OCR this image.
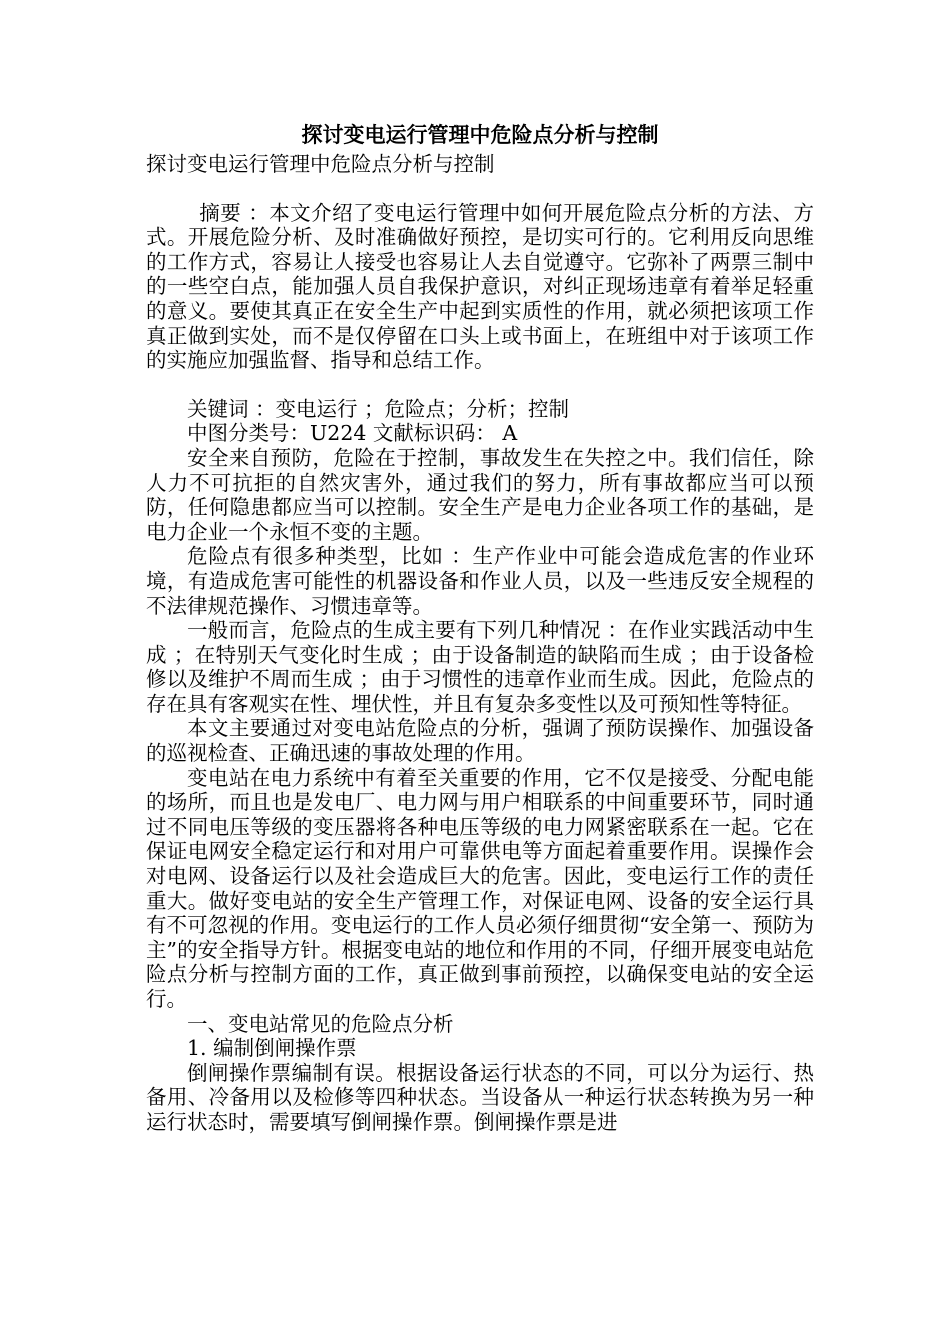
探讨变电运行管理中危险点分析与控制

探讨变电运行管理中危险点分析与控制

摘要 ：本文介绍了变电运行管理中如何开展危险点分析的方法、方式。开展危险分析、及时准确做好预控，是切实可行的。它利用反向思维的工作方式，容易让人接受也容易让人去自觉遵守。它弥补了两票三制中的一些空白点，能加强人员自我保护意识，对纠正现场违章有着举足轻重的意义。要使其真正在安全生产中起到实质性的作用，就必须把该项工作真正做到实处，而不是仅停留在口头上或书面上，在班组中对于该项工作的实施应加强监督、指导和总结工作。

关键词 ：变电运行 ；危险点；分析；控制

中图分类号：U224 文献标识码： A

安全来自预防，危险在于控制，事故发生在失控之中。我们信任，除人力不可抗拒的自然灾害外，通过我们的努力，所有事故都应当可以预防，任何隐患都应当可以控制。安全生产是电力企业各项工作的基础，是电力企业一个永恒不变的主题。

危险点有很多种类型，比如 ：生产作业中可能会造成危害的作业环境，有造成危害可能性的机器设备和作业人员，以及一些违反安全规程的不法律规范操作、习惯违章等。

一般而言，危险点的生成主要有下列几种情况 ：在作业实践活动中生成 ；在特别天气变化时生成 ；由于设备制造的缺陷而生成 ；由于设备检修以及维护不周而生成 ；由于习惯性的违章作业而生成。因此，危险点的存在具有客观实在性、埋伏性，并且有复杂多变性以及可预知性等特征。

本文主要通过对变电站危险点的分析，强调了预防误操作、加强设备的巡视检查、正确迅速的事故处理的作用。

变电站在电力系统中有着至关重要的作用，它不仅是接受、分配电能的场所，而且也是发电厂、电力网与用户相联系的中间重要环节，同时通过不同电压等级的变压器将各种电压等级的电力网紧密联系在一起。它在保证电网安全稳定运行和对用户可靠供电等方面起着重要作用。误操作会对电网、设备运行以及社会造成巨大的危害。因此，变电运行工作的责任重大。做好变电站的安全生产管理工作，对保证电网、设备的安全运行具有不可忽视的作用。变电运行的工作人员必须仔细贯彻“安全第一、预防为主”的安全指导方针。根据变电站的地位和作用的不同，仔细开展变电站危险点分析与控制方面的工作，真正做到事前预控，以确保变电站的安全运行。

一、变电站常见的危险点分析

1. 编制倒闸操作票

倒闸操作票编制有误。根据设备运行状态的不同，可以分为运行、热备用、冷备用以及检修等四种状态。当设备从一种运行状态转换为另一种运行状态时，需要填写倒闸操作票。倒闸操作票是进
